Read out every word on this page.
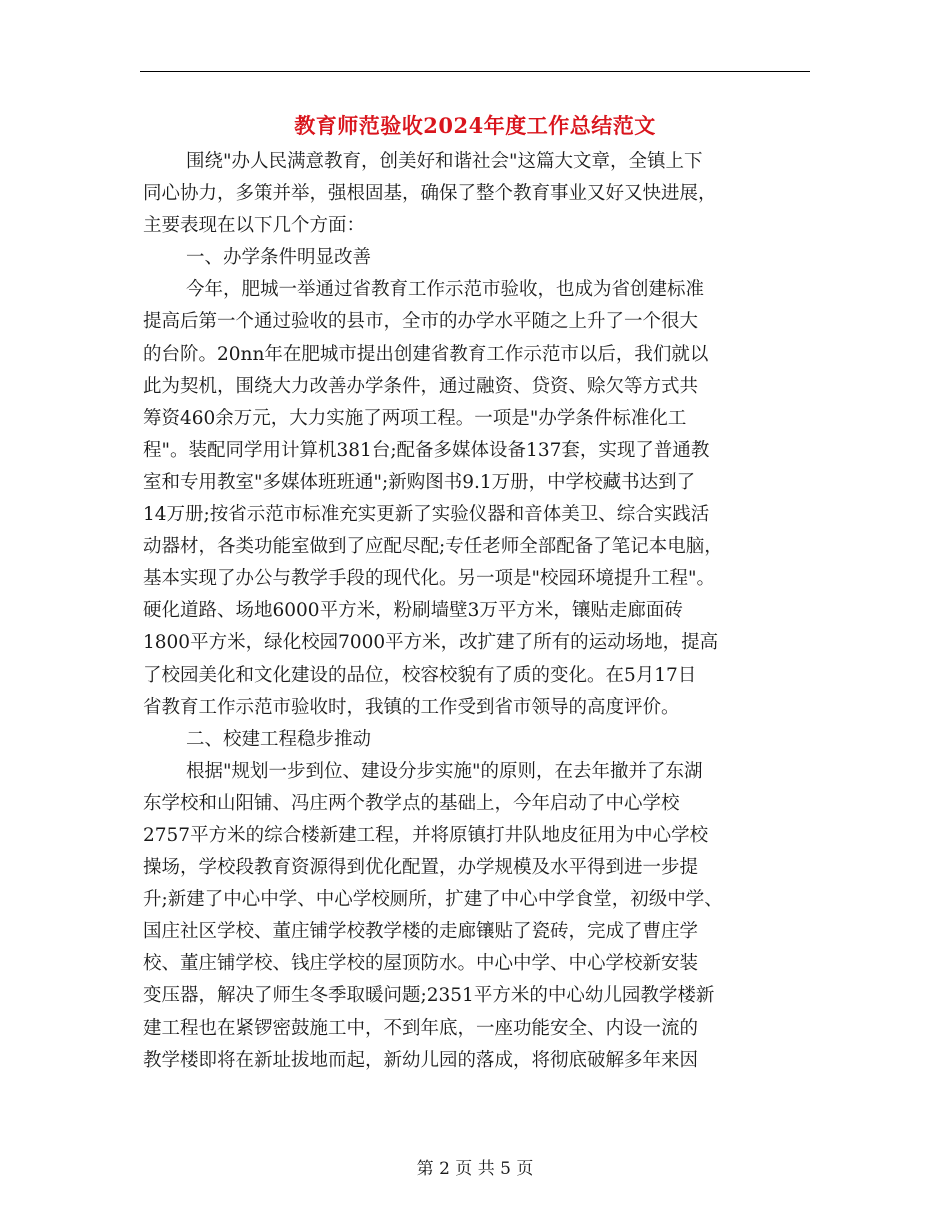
教育师范验收2024年度工作总结范文
围绕"办人民满意教育，创美好和谐社会"这篇大文章，全镇上下
同心协力，多策并举，强根固基，确保了整个教育事业又好又快进展，
主要表现在以下几个方面：
一、办学条件明显改善
今年，肥城一举通过省教育工作示范市验收，也成为省创建标准
提高后第一个通过验收的县市，全市的办学水平随之上升了一个很大
的台阶。20nn年在肥城市提出创建省教育工作示范市以后，我们就以
此为契机，围绕大力改善办学条件，通过融资、贷资、赊欠等方式共
筹资460余万元，大力实施了两项工程。一项是"办学条件标准化工
程"。装配同学用计算机381台;配备多媒体设备137套，实现了普通教
室和专用教室"多媒体班班通";新购图书9.1万册，中学校藏书达到了
14万册;按省示范市标准充实更新了实验仪器和音体美卫、综合实践活
动器材，各类功能室做到了应配尽配;专任老师全部配备了笔记本电脑，
基本实现了办公与教学手段的现代化。另一项是"校园环境提升工程"。
硬化道路、场地6000平方米，粉刷墙壁3万平方米，镶贴走廊面砖
1800平方米，绿化校园7000平方米，改扩建了所有的运动场地，提高
了校园美化和文化建设的品位，校容校貌有了质的变化。在5月17日
省教育工作示范市验收时，我镇的工作受到省市领导的高度评价。
二、校建工程稳步推动
根据"规划一步到位、建设分步实施"的原则，在去年撤并了东湖
东学校和山阳铺、冯庄两个教学点的基础上，今年启动了中心学校
2757平方米的综合楼新建工程，并将原镇打井队地皮征用为中心学校
操场，学校段教育资源得到优化配置，办学规模及水平得到进一步提
升;新建了中心中学、中心学校厕所，扩建了中心中学食堂，初级中学、
国庄社区学校、董庄铺学校教学楼的走廊镶贴了瓷砖，完成了曹庄学
校、董庄铺学校、钱庄学校的屋顶防水。中心中学、中心学校新安装
变压器，解决了师生冬季取暖问题;2351平方米的中心幼儿园教学楼新
建工程也在紧锣密鼓施工中，不到年底，一座功能安全、内设一流的
教学楼即将在新址拔地而起，新幼儿园的落成，将彻底破解多年来因
第 2 页 共 5 页
